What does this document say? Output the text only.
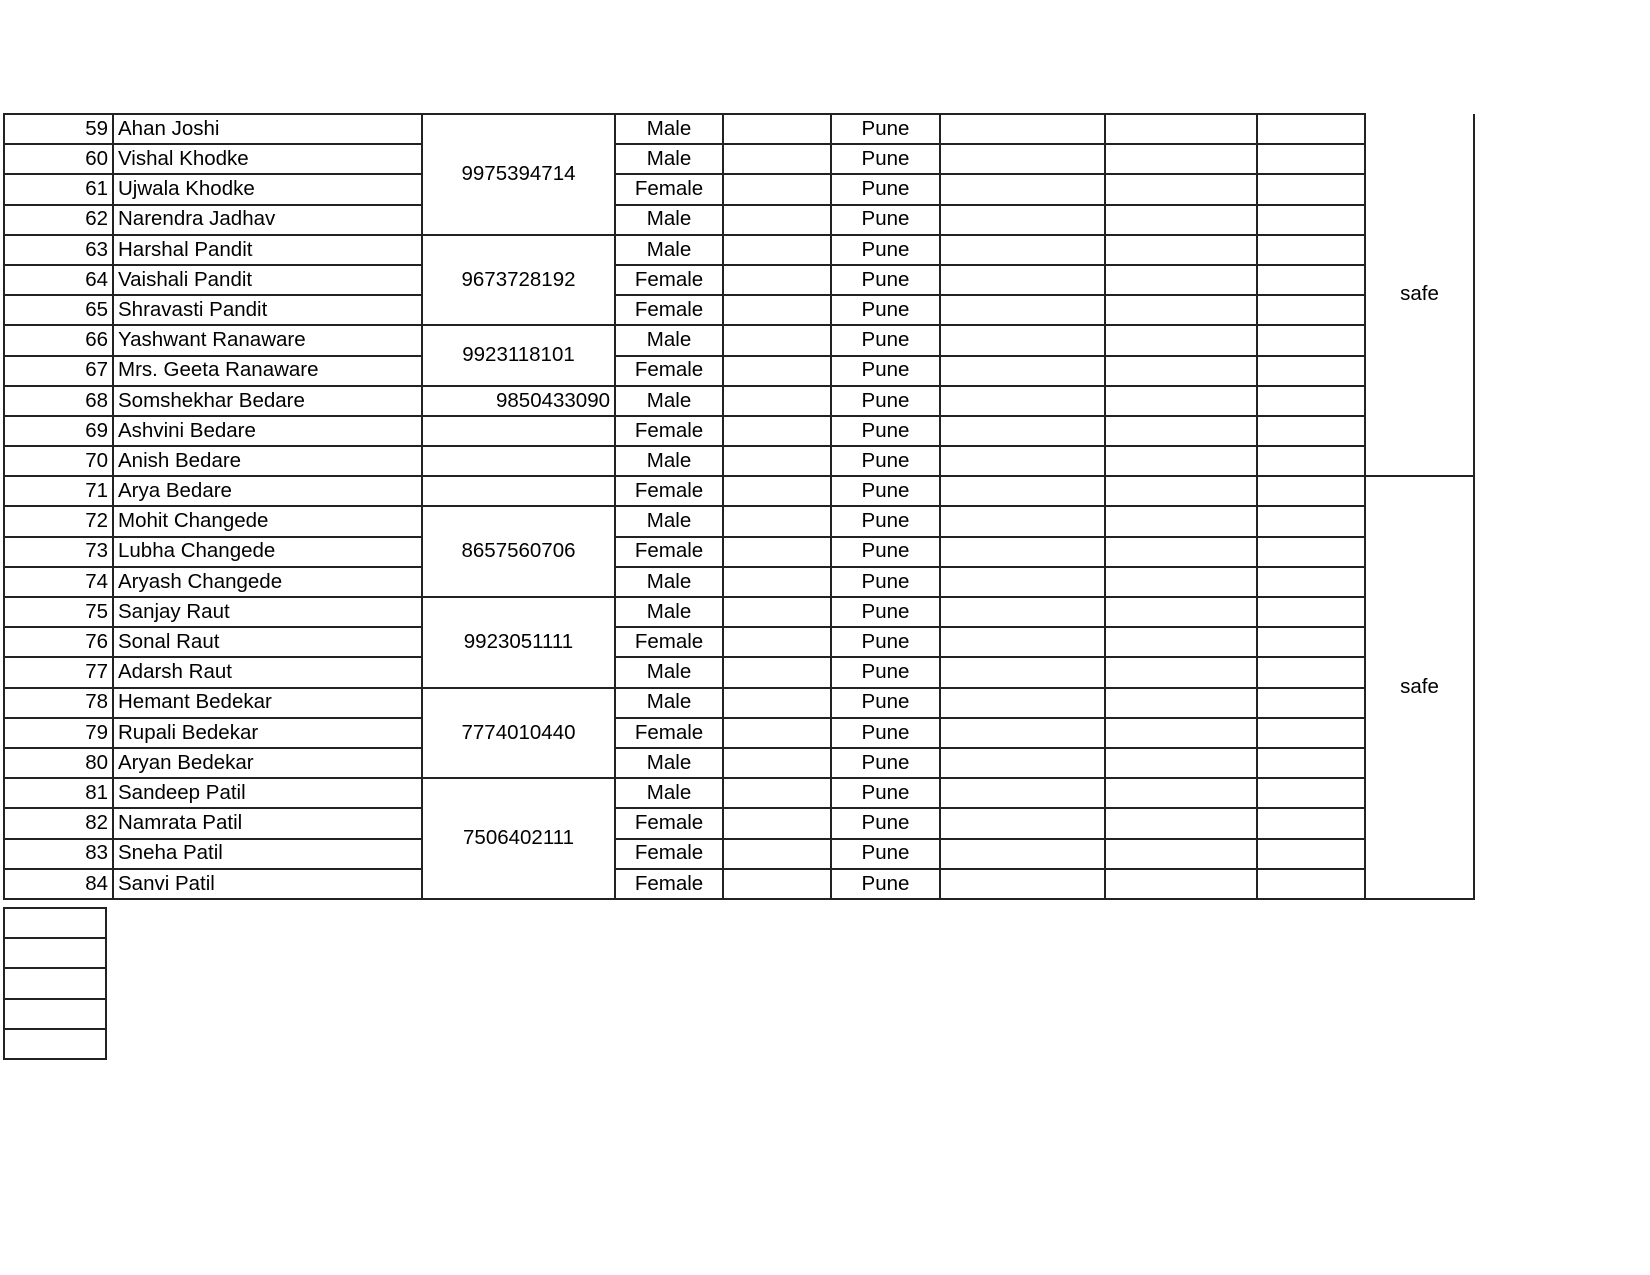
59	Ahan Joshi	9975394714	Male		Pune				safe
60	Vishal Khodke		Male		Pune				
61	Ujwala Khodke		Female		Pune				
62	Narendra Jadhav		Male		Pune				
63	Harshal Pandit	9673728192	Male		Pune				
64	Vaishali Pandit		Female		Pune				
65	Shravasti Pandit		Female		Pune				
66	Yashwant Ranaware	9923118101	Male		Pune				
67	Mrs. Geeta Ranaware		Female		Pune				
68	Somshekhar Bedare	9850433090	Male		Pune				
69	Ashvini Bedare		Female		Pune				
70	Anish Bedare		Male		Pune				
71	Arya Bedare		Female		Pune				safe
72	Mohit Changede	8657560706	Male		Pune				
73	Lubha Changede		Female		Pune				
74	Aryash Changede		Male		Pune				
75	Sanjay Raut	9923051111	Male		Pune				
76	Sonal Raut		Female		Pune				
77	Adarsh Raut		Male		Pune				
78	Hemant Bedekar	7774010440	Male		Pune				
79	Rupali Bedekar		Female		Pune				
80	Aryan Bedekar		Male		Pune				
81	Sandeep Patil	7506402111	Male		Pune				
82	Namrata Patil		Female		Pune				
83	Sneha Patil		Female		Pune				
84	Sanvi Patil		Female		Pune				
